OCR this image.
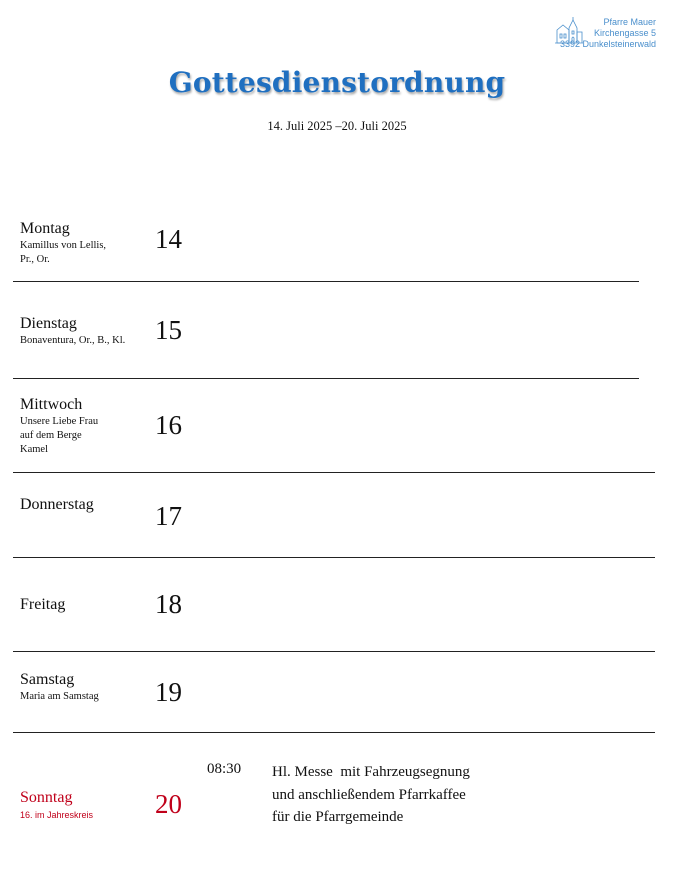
Pfarre Mauer
Kirchengasse 5
3392 Dunkelsteinerwald
Gottesdienstordnung
14. Juli 2025 –20. Juli 2025
Montag
Kamillus von Lellis,
Pr., Or.
14
Dienstag
Bonaventura, Or., B., Kl. 15
Mittwoch
Unsere Liebe Frau
auf dem Berge
Kamel
16
Donnerstag 17
Freitag	18
Samstag
Maria am Samstag 19
Sonntag
16. im Jahreskreis 20
08:30 Hl. Messe  mit Fahrzeugsegnung
und anschließendem Pfarrkaffee
für die Pfarrgemeinde
